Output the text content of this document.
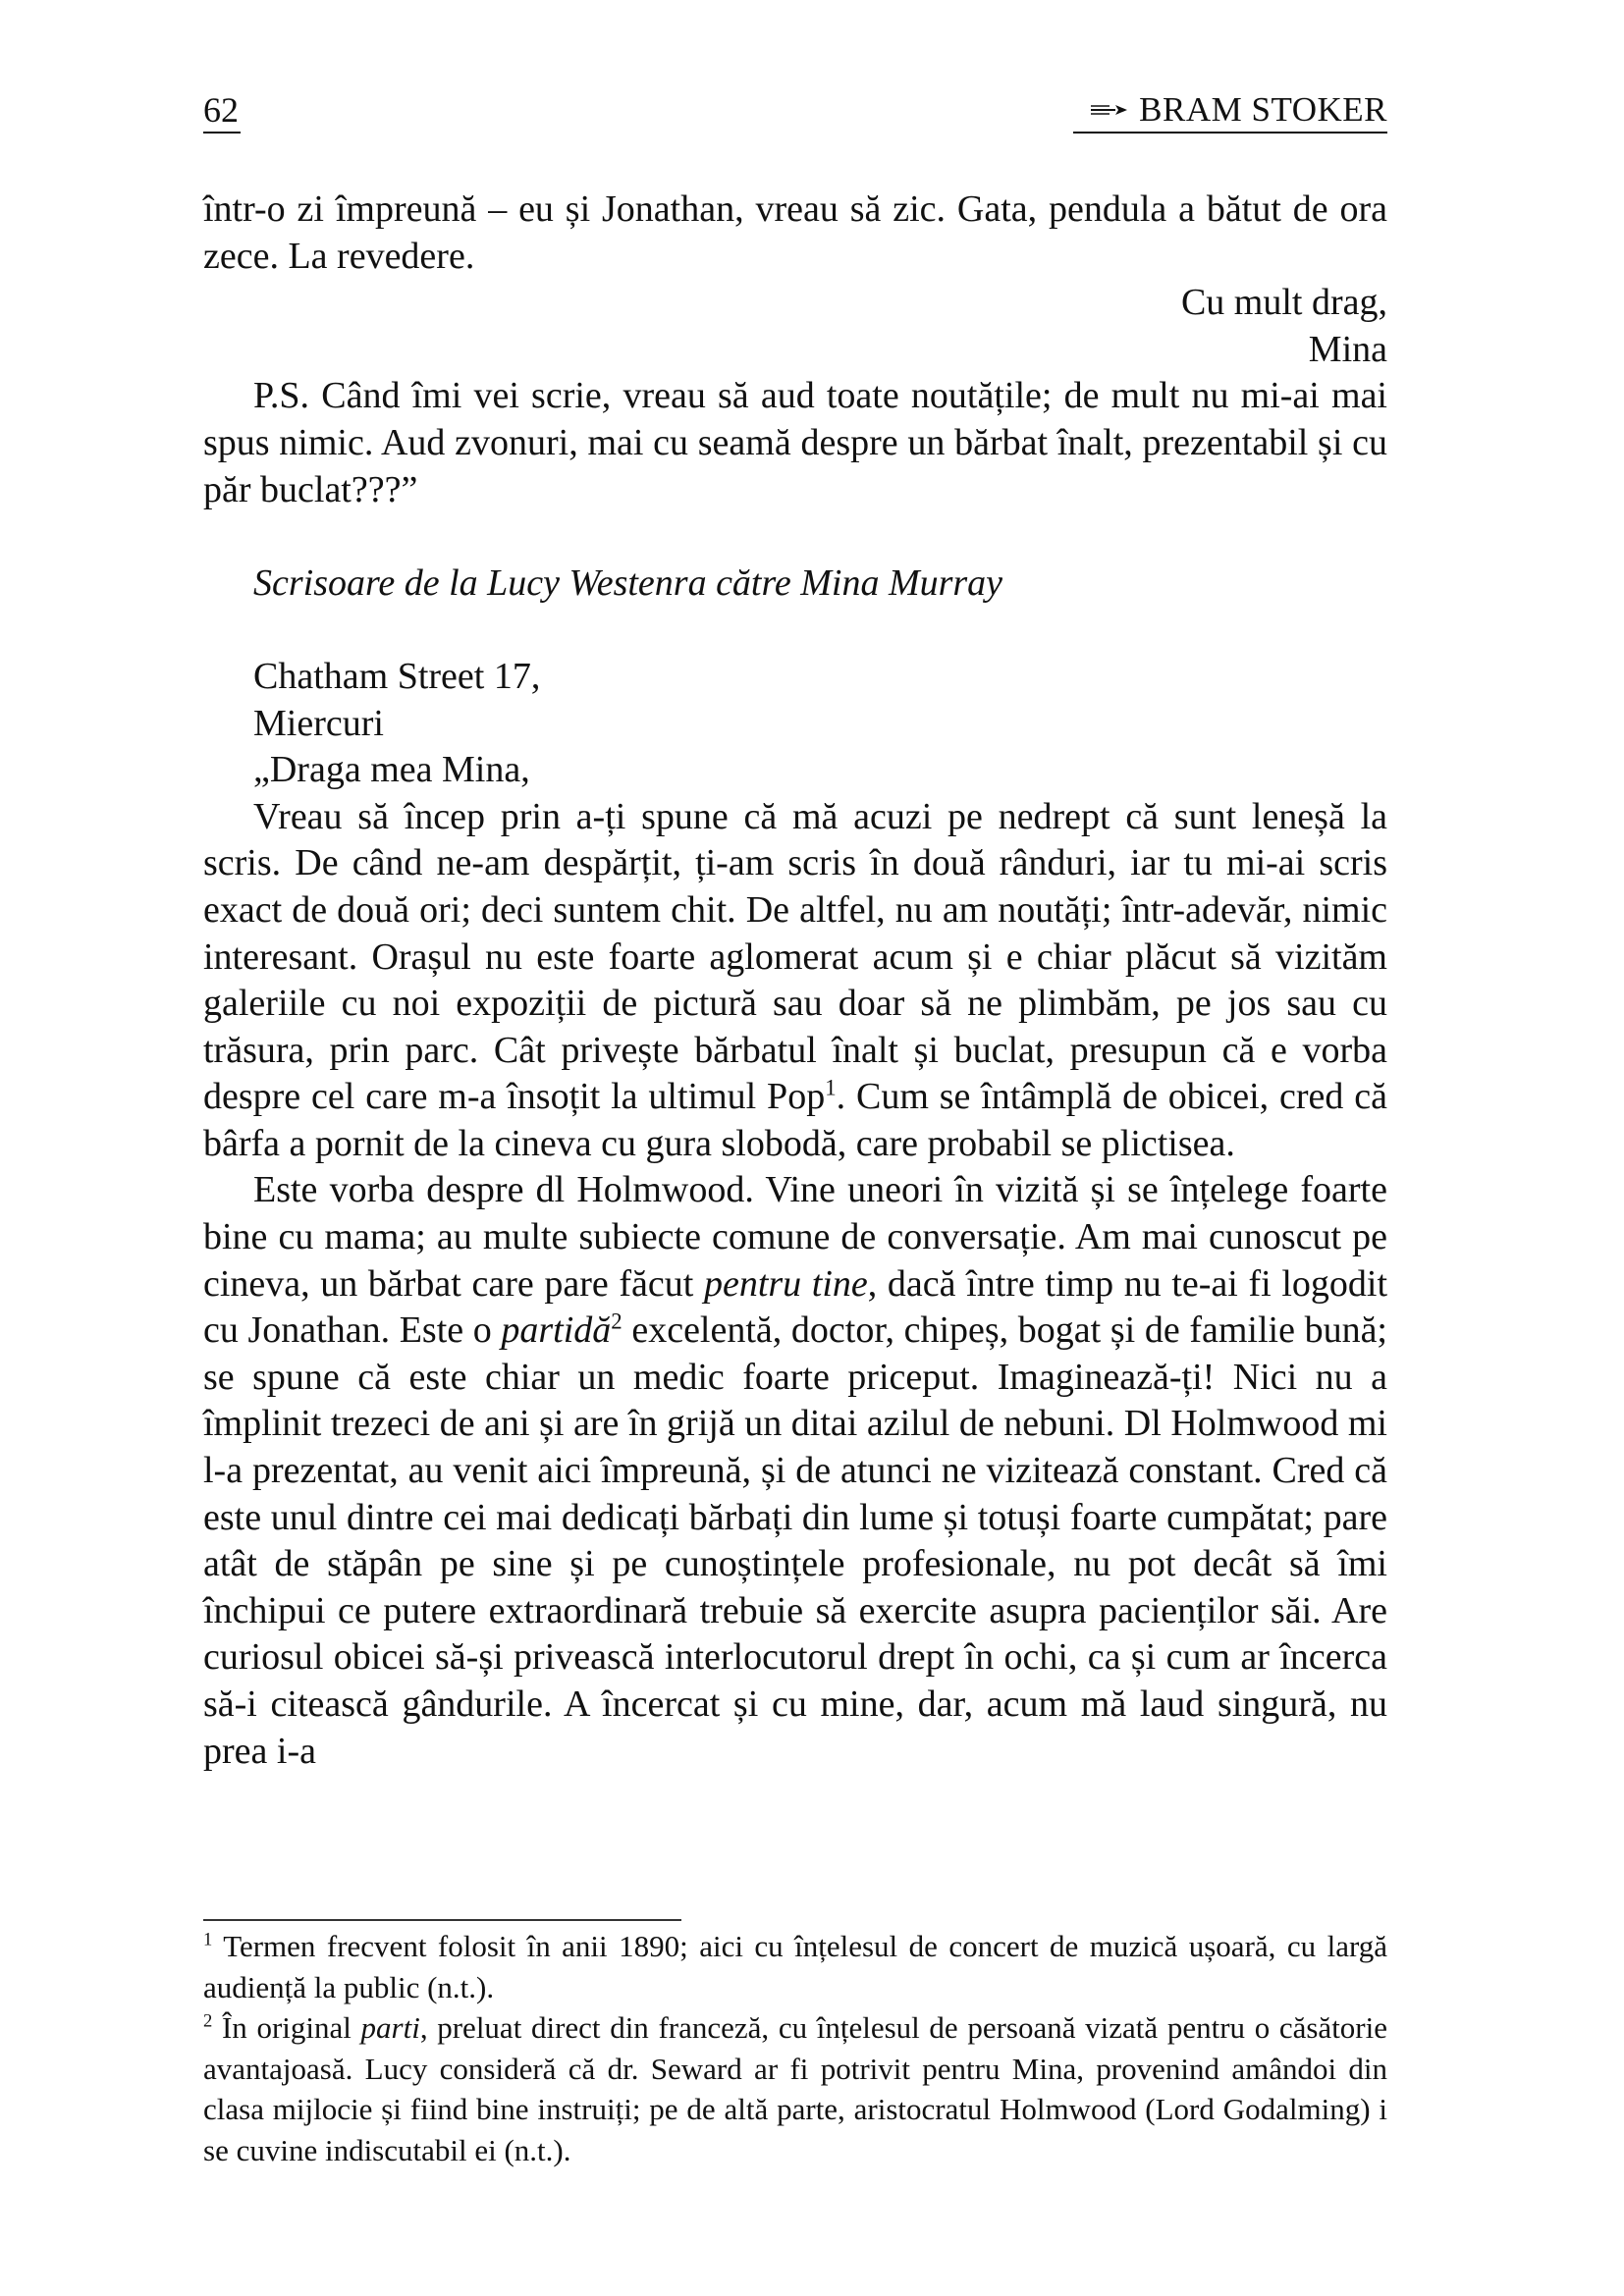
62	BRAM STOKER

într-o zi împreună – eu și Jonathan, vreau să zic. Gata, pendula a bătut de ora zece. La revedere.

Cu mult drag,

Mina

P.S. Când îmi vei scrie, vreau să aud toate noutățile; de mult nu mi-ai mai spus nimic. Aud zvonuri, mai cu seamă despre un bărbat înalt, prezentabil și cu păr buclat???”

Scrisoare de la Lucy Westenra către Mina Murray

Chatham Street 17,

Miercuri

„Draga mea Mina,

Vreau să încep prin a-ți spune că mă acuzi pe nedrept că sunt leneșă la scris. De când ne-am despărțit, ți-am scris în două rânduri, iar tu mi-ai scris exact de două ori; deci suntem chit. De altfel, nu am noutăți; într-adevăr, nimic interesant. Orașul nu este foarte aglomerat acum și e chiar plăcut să vizităm galeriile cu noi expoziții de pictură sau doar să ne plimbăm, pe jos sau cu trăsura, prin parc. Cât privește bărbatul înalt și buclat, presupun că e vorba despre cel care m-a însoțit la ultimul Pop$^1$. Cum se întâmplă de obicei, cred că bârfa a pornit de la cineva cu gura slobodă, care probabil se plictisea.

Este vorba despre dl Holmwood. Vine uneori în vizită și se înțelege foarte bine cu mama; au multe subiecte comune de conversație. Am mai cunoscut pe cineva, un bărbat care pare făcut pentru tine, dacă între timp nu te-ai fi logodit cu Jonathan. Este o partidă$^2$ excelentă, doctor, chipeș, bogat și de familie bună; se spune că este chiar un medic foarte priceput. Imaginează-ți! Nici nu a împlinit trezeci de ani și are în grijă un ditai azilul de nebuni. Dl Holmwood mi l-a prezentat, au venit aici împreună, și de atunci ne vizitează constant. Cred că este unul dintre cei mai dedicați bărbați din lume și totuși foarte cumpătat; pare atât de stăpân pe sine și pe cunoștințele profesionale, nu pot decât să îmi închipui ce putere extraordinară trebuie să exercite asupra pacienților săi. Are curiosul obicei să-și privească interlocutorul drept în ochi, ca și cum ar încerca să-i citească gândurile. A încercat și cu mine, dar, acum mă laud singură, nu prea i-a

$^1$ Termen frecvent folosit în anii 1890; aici cu înțelesul de concert de muzică ușoară, cu largă audiență la public (n.t.).

$^2$ În original parti, preluat direct din franceză, cu înțelesul de persoană vizată pentru o căsătorie avantajoasă. Lucy consideră că dr. Seward ar fi potrivit pentru Mina, provenind amândoi din clasa mijlocie și fiind bine instruiți; pe de altă parte, aristocratul Holmwood (Lord Godalming) i se cuvine indiscutabil ei (n.t.).
